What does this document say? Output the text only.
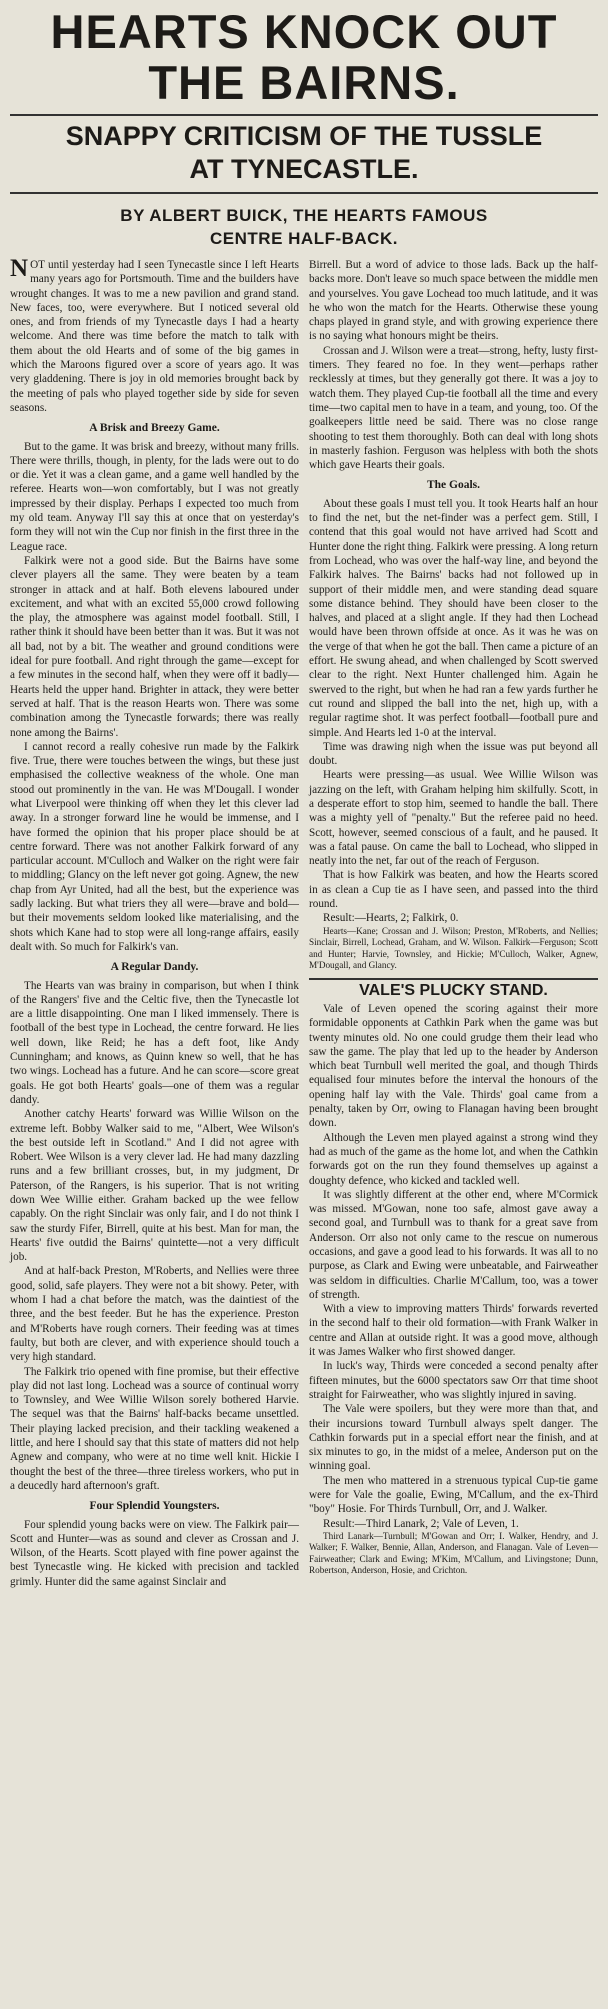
HEARTS KNOCK OUT
THE BAIRNS.
SNAPPY CRITICISM OF THE TUSSLE
AT TYNECASTLE.
BY ALBERT BUICK, THE HEARTS FAMOUS
CENTRE HALF-BACK.

NOT until yesterday had I seen Tynecastle since I left Hearts many years ago for Portsmouth. Time and the builders have wrought changes. It was to me a new pavilion and grand stand. New faces, too, were everywhere. But I noticed several old ones, and from friends of my Tynecastle days I had a hearty welcome. And there was time before the match to talk with them about the old Hearts and of some of the big games in which the Maroons figured over a score of years ago. It was very gladdening. There is joy in old memories brought back by the meeting of pals who played together side by side for seven seasons.

A Brisk and Breezy Game.

But to the game. It was brisk and breezy, without many frills. There were thrills, though, in plenty, for the lads were out to do or die. Yet it was a clean game, and a game well handled by the referee. Hearts won—won comfortably, but I was not greatly impressed by their display. Perhaps I expected too much from my old team. Anyway I'll say this at once that on yesterday's form they will not win the Cup nor finish in the first three in the League race.

Falkirk were not a good side. But the Bairns have some clever players all the same. They were beaten by a team stronger in attack and at half. Both elevens laboured under excitement, and what with an excited 55,000 crowd following the play, the atmosphere was against model football. Still, I rather think it should have been better than it was. But it was not all bad, not by a bit. The weather and ground conditions were ideal for pure football. And right through the game—except for a few minutes in the second half, when they were off it badly—Hearts held the upper hand. Brighter in attack, they were better served at half. That is the reason Hearts won. There was some combination among the Tynecastle forwards; there was really none among the Bairns'.

I cannot record a really cohesive run made by the Falkirk five. True, there were touches between the wings, but these just emphasised the collective weakness of the whole. One man stood out prominently in the van. He was M'Dougall. I wonder what Liverpool were thinking off when they let this clever lad away. In a stronger forward line he would be immense, and I have formed the opinion that his proper place should be at centre forward. There was not another Falkirk forward of any particular account. M'Culloch and Walker on the right were fair to middling; Glancy on the left never got going. Agnew, the new chap from Ayr United, had all the best, but the experience was sadly lacking. But what triers they all were—brave and bold—but their movements seldom looked like materialising, and the shots which Kane had to stop were all long-range affairs, easily dealt with. So much for Falkirk's van.

A Regular Dandy.

The Hearts van was brainy in comparison, but when I think of the Rangers' five and the Celtic five, then the Tynecastle lot are a little disappointing. One man I liked immensely. There is football of the best type in Lochead, the centre forward. He lies well down, like Reid; he has a deft foot, like Andy Cunningham; and knows, as Quinn knew so well, that he has two wings. Lochead has a future. And he can score—score great goals. He got both Hearts' goals—one of them was a regular dandy.

Another catchy Hearts' forward was Willie Wilson on the extreme left. Bobby Walker said to me, "Albert, Wee Wilson's the best outside left in Scotland." And I did not agree with Robert. Wee Wilson is a very clever lad. He had many dazzling runs and a few brilliant crosses, but, in my judgment, Dr Paterson, of the Rangers, is his superior. That is not writing down Wee Willie either. Graham backed up the wee fellow capably. On the right Sinclair was only fair, and I do not think I saw the sturdy Fifer, Birrell, quite at his best. Man for man, the Hearts' five outdid the Bairns' quintette—not a very difficult job.

And at half-back Preston, M'Roberts, and Nellies were three good, solid, safe players. They were not a bit showy. Peter, with whom I had a chat before the match, was the daintiest of the three, and the best feeder. But he has the experience. Preston and M'Roberts have rough corners. Their feeding was at times faulty, but both are clever, and with experience should touch a very high standard.

The Falkirk trio opened with fine promise, but their effective play did not last long. Lochead was a source of continual worry to Townsley, and Wee Willie Wilson sorely bothered Harvie. The sequel was that the Bairns' half-backs became unsettled. Their playing lacked precision, and their tackling weakened a little, and here I should say that this state of matters did not help Agnew and company, who were at no time well knit. Hickie I thought the best of the three—three tireless workers, who put in a deucedly hard afternoon's graft.

Four Splendid Youngsters.

Four splendid young backs were on view. The Falkirk pair—Scott and Hunter—was as sound and clever as Crossan and J. Wilson, of the Hearts. Scott played with fine power against the best Tynecastle wing. He kicked with precision and tackled grimly. Hunter did the same against Sinclair and

Birrell. But a word of advice to those lads. Back up the half-backs more. Don't leave so much space between the middle men and yourselves. You gave Lochead too much latitude, and it was he who won the match for the Hearts. Otherwise these young chaps played in grand style, and with growing experience there is no saying what honours might be theirs.

Crossan and J. Wilson were a treat—strong, hefty, lusty first-timers. They feared no foe. In they went—perhaps rather recklessly at times, but they generally got there. It was a joy to watch them. They played Cup-tie football all the time and every time—two capital men to have in a team, and young, too. Of the goalkeepers little need be said. There was no close range shooting to test them thoroughly. Both can deal with long shots in masterly fashion. Ferguson was helpless with both the shots which gave Hearts their goals.

The Goals.

About these goals I must tell you. It took Hearts half an hour to find the net, but the net-finder was a perfect gem. Still, I contend that this goal would not have arrived had Scott and Hunter done the right thing. Falkirk were pressing. A long return from Lochead, who was over the half-way line, and beyond the Falkirk halves. The Bairns' backs had not followed up in support of their middle men, and were standing dead square some distance behind. They should have been closer to the halves, and placed at a slight angle. If they had then Lochead would have been thrown offside at once. As it was he was on the verge of that when he got the ball. Then came a picture of an effort. He swung ahead, and when challenged by Scott swerved clear to the right. Next Hunter challenged him. Again he swerved to the right, but when he had ran a few yards further he cut round and slipped the ball into the net, high up, with a regular ragtime shot. It was perfect football—football pure and simple. And Hearts led 1-0 at the interval.

Time was drawing nigh when the issue was put beyond all doubt.

Hearts were pressing—as usual. Wee Willie Wilson was jazzing on the left, with Graham helping him skilfully. Scott, in a desperate effort to stop him, seemed to handle the ball. There was a mighty yell of "penalty." But the referee paid no heed. Scott, however, seemed conscious of a fault, and he paused. It was a fatal pause. On came the ball to Lochead, who slipped in neatly into the net, far out of the reach of Ferguson.

That is how Falkirk was beaten, and how the Hearts scored in as clean a Cup tie as I have seen, and passed into the third round.

Result:—Hearts, 2; Falkirk, 0.

Hearts—Kane; Crossan and J. Wilson; Preston, M'Roberts, and Nellies; Sinclair, Birrell, Lochead, Graham, and W. Wilson. Falkirk—Ferguson; Scott and Hunter; Harvie, Townsley, and Hickie; M'Culloch, Walker, Agnew, M'Dougall, and Glancy.

VALE'S PLUCKY STAND.

Vale of Leven opened the scoring against their more formidable opponents at Cathkin Park when the game was but twenty minutes old. No one could grudge them their lead who saw the game. The play that led up to the header by Anderson which beat Turnbull well merited the goal, and though Thirds equalised four minutes before the interval the honours of the opening half lay with the Vale. Thirds' goal came from a penalty, taken by Orr, owing to Flanagan having been brought down.

Although the Leven men played against a strong wind they had as much of the game as the home lot, and when the Cathkin forwards got on the run they found themselves up against a doughty defence, who kicked and tackled well.

It was slightly different at the other end, where M'Cormick was missed. M'Gowan, none too safe, almost gave away a second goal, and Turnbull was to thank for a great save from Anderson. Orr also not only came to the rescue on numerous occasions, and gave a good lead to his forwards. It was all to no purpose, as Clark and Ewing were unbeatable, and Fairweather was seldom in difficulties. Charlie M'Callum, too, was a tower of strength.

With a view to improving matters Thirds' forwards reverted in the second half to their old formation—with Frank Walker in centre and Allan at outside right. It was a good move, although it was James Walker who first showed danger.

In luck's way, Thirds were conceded a second penalty after fifteen minutes, but the 6000 spectators saw Orr that time shoot straight for Fairweather, who was slightly injured in saving.

The Vale were spoilers, but they were more than that, and their incursions toward Turnbull always spelt danger. The Cathkin forwards put in a special effort near the finish, and at six minutes to go, in the midst of a melee, Anderson put on the winning goal.

The men who mattered in a strenuous typical Cup-tie game were for Vale the goalie, Ewing, M'Callum, and the ex-Third "boy" Hosie. For Thirds Turnbull, Orr, and J. Walker.

Result:—Third Lanark, 2; Vale of Leven, 1.

Third Lanark—Turnbull; M'Gowan and Orr; I. Walker, Hendry, and J. Walker; F. Walker, Bennie, Allan, Anderson, and Flanagan. Vale of Leven—Fairweather; Clark and Ewing; M'Kim, M'Callum, and Livingstone; Dunn, Robertson, Anderson, Hosie, and Crichton.
